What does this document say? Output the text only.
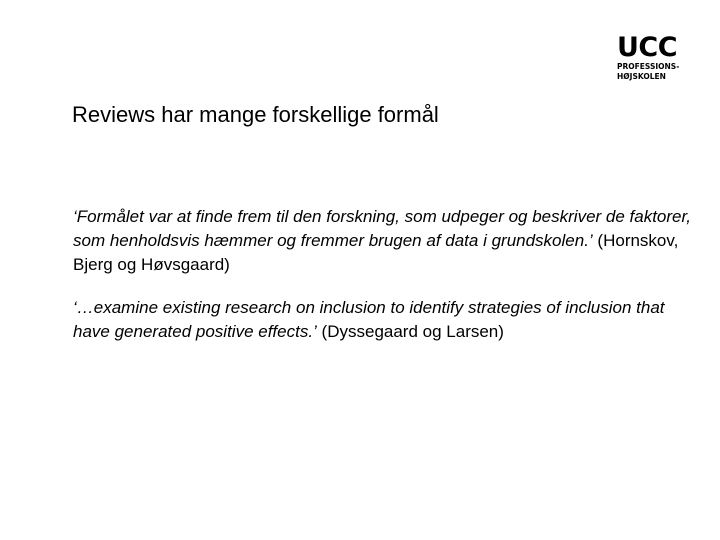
UCC
PROFESSIONS-
HØJSKOLEN
Reviews har mange forskellige formål

‘Formålet var at finde frem til den forskning, som udpeger og beskriver de faktorer, som henholdsvis hæmmer og fremmer brugen af data i grundskolen.’ (Hornskov, Bjerg og Høvsgaard)

‘…examine existing research on inclusion to identify strategies of inclusion that have generated positive effects.’ (Dyssegaard og Larsen)
